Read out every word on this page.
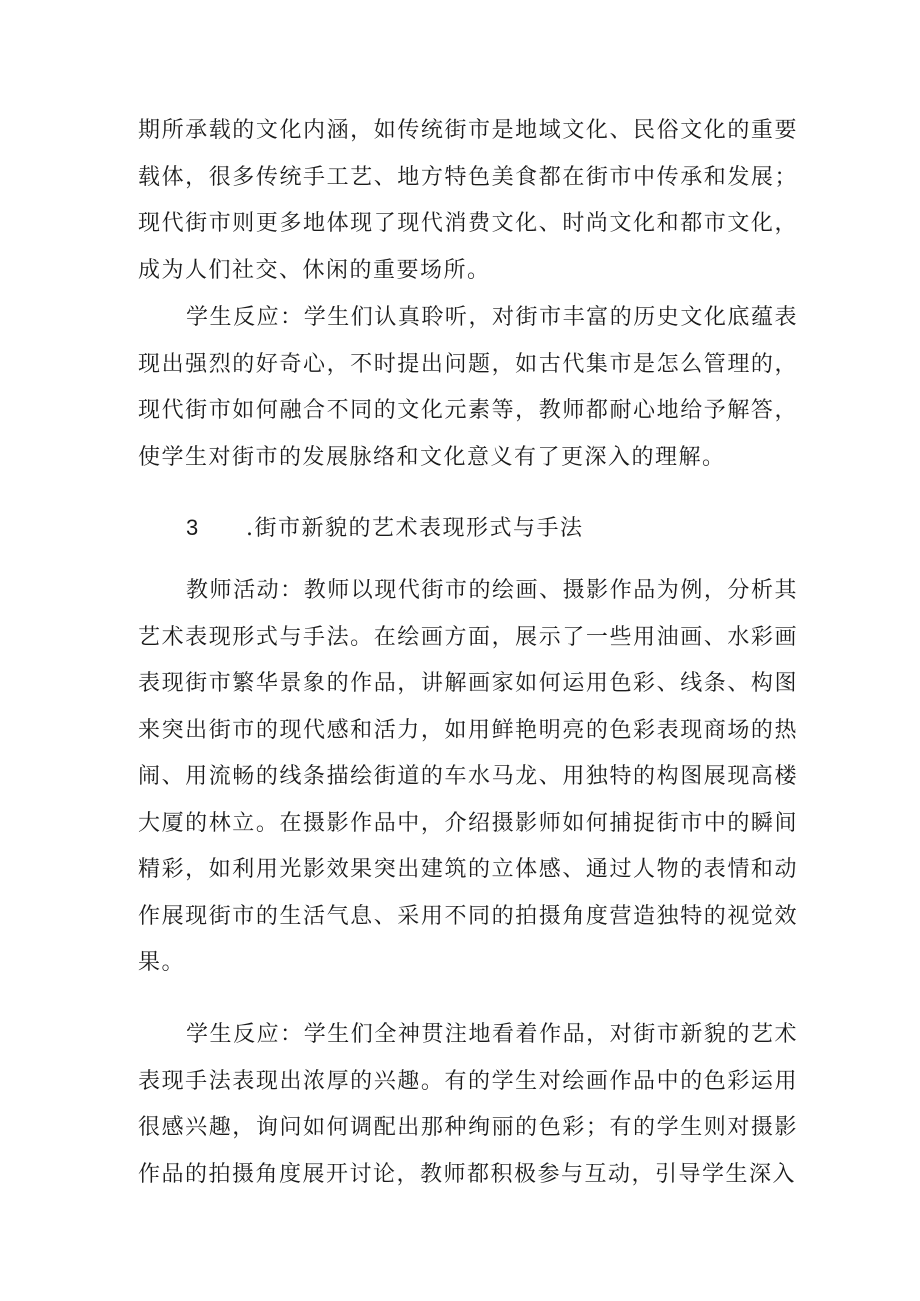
期所承载的文化内涵，如传统街市是地域文化、民俗文化的重要载体，很多传统手工艺、地方特色美食都在街市中传承和发展；现代街市则更多地体现了现代消费文化、时尚文化和都市文化，成为人们社交、休闲的重要场所。

学生反应：学生们认真聆听，对街市丰富的历史文化底蕴表现出强烈的好奇心，不时提出问题，如古代集市是怎么管理的，现代街市如何融合不同的文化元素等，教师都耐心地给予解答，使学生对街市的发展脉络和文化意义有了更深入的理解。

3 .街市新貌的艺术表现形式与手法

教师活动：教师以现代街市的绘画、摄影作品为例，分析其艺术表现形式与手法。在绘画方面，展示了一些用油画、水彩画表现街市繁华景象的作品，讲解画家如何运用色彩、线条、构图来突出街市的现代感和活力，如用鲜艳明亮的色彩表现商场的热闹、用流畅的线条描绘街道的车水马龙、用独特的构图展现高楼大厦的林立。在摄影作品中，介绍摄影师如何捕捉街市中的瞬间精彩，如利用光影效果突出建筑的立体感、通过人物的表情和动作展现街市的生活气息、采用不同的拍摄角度营造独特的视觉效果。

学生反应：学生们全神贯注地看着作品，对街市新貌的艺术表现手法表现出浓厚的兴趣。有的学生对绘画作品中的色彩运用很感兴趣，询问如何调配出那种绚丽的色彩；有的学生则对摄影作品的拍摄角度展开讨论，教师都积极参与互动，引导学生深入
